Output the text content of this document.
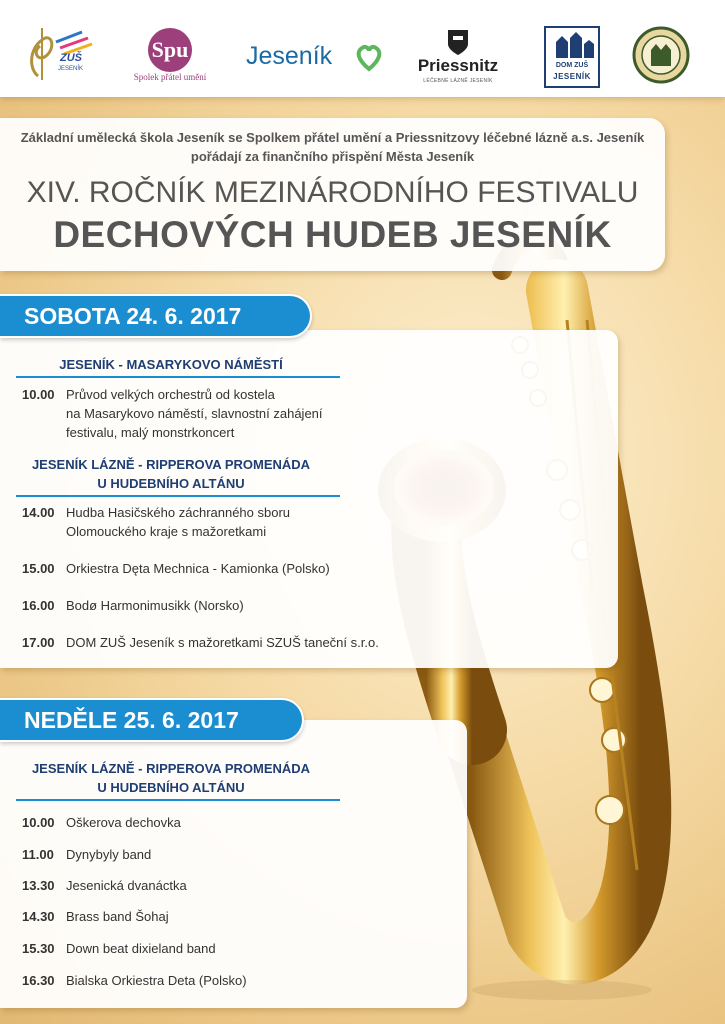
ZUŠ
JESENÍK
Spu
Spolek přátel umění
Jeseník	Priessnitz
LÉČEBNÉ LÁZNĚ JESENÍK
DOM ZUŠ
JESENÍK
Základní umělecká škola Jeseník se Spolkem přátel umění a Priessnitzovy léčebné lázně a.s. Jeseník
pořádají za finančního přispění Města Jeseník
XIV. ROČNÍK MEZINÁRODNÍHO FESTIVALU
DECHOVÝCH HUDEB JESENÍK
SOBOTA 24. 6. 2017
JESENÍK - MASARYKOVO NÁMĚSTÍ
10.00 Průvod velkých orchestrů od kostela
na Masarykovo náměstí, slavnostní zahájení
festivalu, malý monstrkoncert
JESENÍK LÁZNĚ - RIPPEROVA PROMENÁDA
U HUDEBNÍHO ALTÁNU
14.00 Hudba Hasičského záchranného sboru
Olomouckého kraje s mažoretkami
15.00 Orkiestra Dęta Mechnica - Kamionka (Polsko)
16.00 Bodø Harmonimusikk (Norsko)
17.00 DOM ZUŠ Jeseník s mažoretkami SZUŠ taneční s.r.o.
NEDĚLE 25. 6. 2017
JESENÍK LÁZNĚ - RIPPEROVA PROMENÁDA
U HUDEBNÍHO ALTÁNU
10.00 Oškerova dechovka
11.00 Dynybyly band
13.30 Jesenická dvanáctka
14.30 Brass band Šohaj
15.30 Down beat dixieland band
16.30 Bialska Orkiestra Deta (Polsko)
